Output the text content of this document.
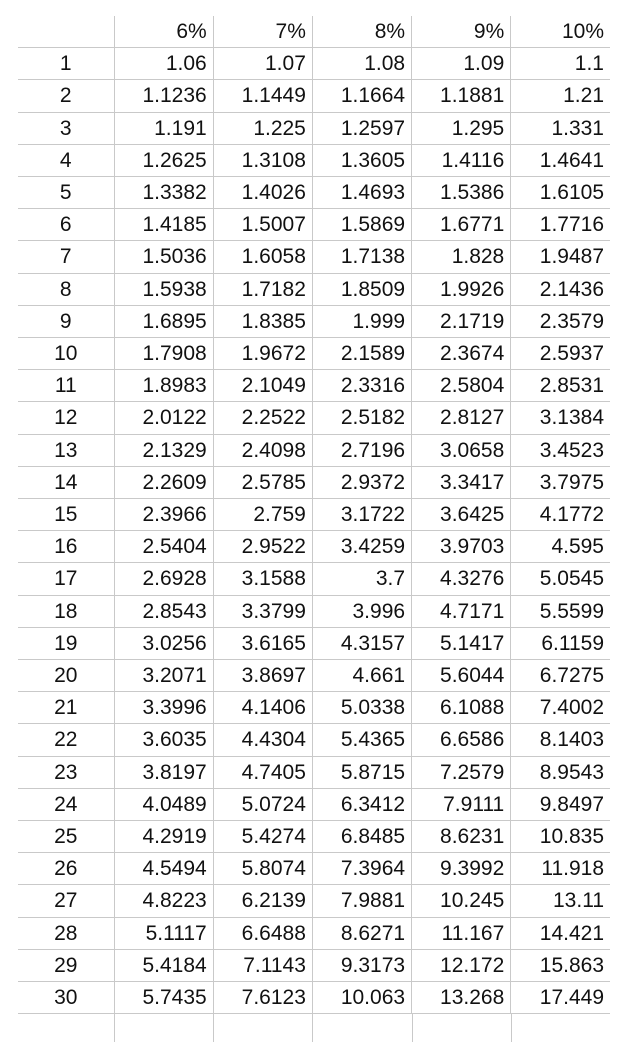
	6%	7%	8%	9%	10%
1	1.06	1.07	1.08	1.09	1.1
2	1.1236	1.1449	1.1664	1.1881	1.21
3	1.191	1.225	1.2597	1.295	1.331
4	1.2625	1.3108	1.3605	1.4116	1.4641
5	1.3382	1.4026	1.4693	1.5386	1.6105
6	1.4185	1.5007	1.5869	1.6771	1.7716
7	1.5036	1.6058	1.7138	1.828	1.9487
8	1.5938	1.7182	1.8509	1.9926	2.1436
9	1.6895	1.8385	1.999	2.1719	2.3579
10	1.7908	1.9672	2.1589	2.3674	2.5937
11	1.8983	2.1049	2.3316	2.5804	2.8531
12	2.0122	2.2522	2.5182	2.8127	3.1384
13	2.1329	2.4098	2.7196	3.0658	3.4523
14	2.2609	2.5785	2.9372	3.3417	3.7975
15	2.3966	2.759	3.1722	3.6425	4.1772
16	2.5404	2.9522	3.4259	3.9703	4.595
17	2.6928	3.1588	3.7	4.3276	5.0545
18	2.8543	3.3799	3.996	4.7171	5.5599
19	3.0256	3.6165	4.3157	5.1417	6.1159
20	3.2071	3.8697	4.661	5.6044	6.7275
21	3.3996	4.1406	5.0338	6.1088	7.4002
22	3.6035	4.4304	5.4365	6.6586	8.1403
23	3.8197	4.7405	5.8715	7.2579	8.9543
24	4.0489	5.0724	6.3412	7.9111	9.8497
25	4.2919	5.4274	6.8485	8.6231	10.835
26	4.5494	5.8074	7.3964	9.3992	11.918
27	4.8223	6.2139	7.9881	10.245	13.11
28	5.1117	6.6488	8.6271	11.167	14.421
29	5.4184	7.1143	9.3173	12.172	15.863
30	5.7435	7.6123	10.063	13.268	17.449
